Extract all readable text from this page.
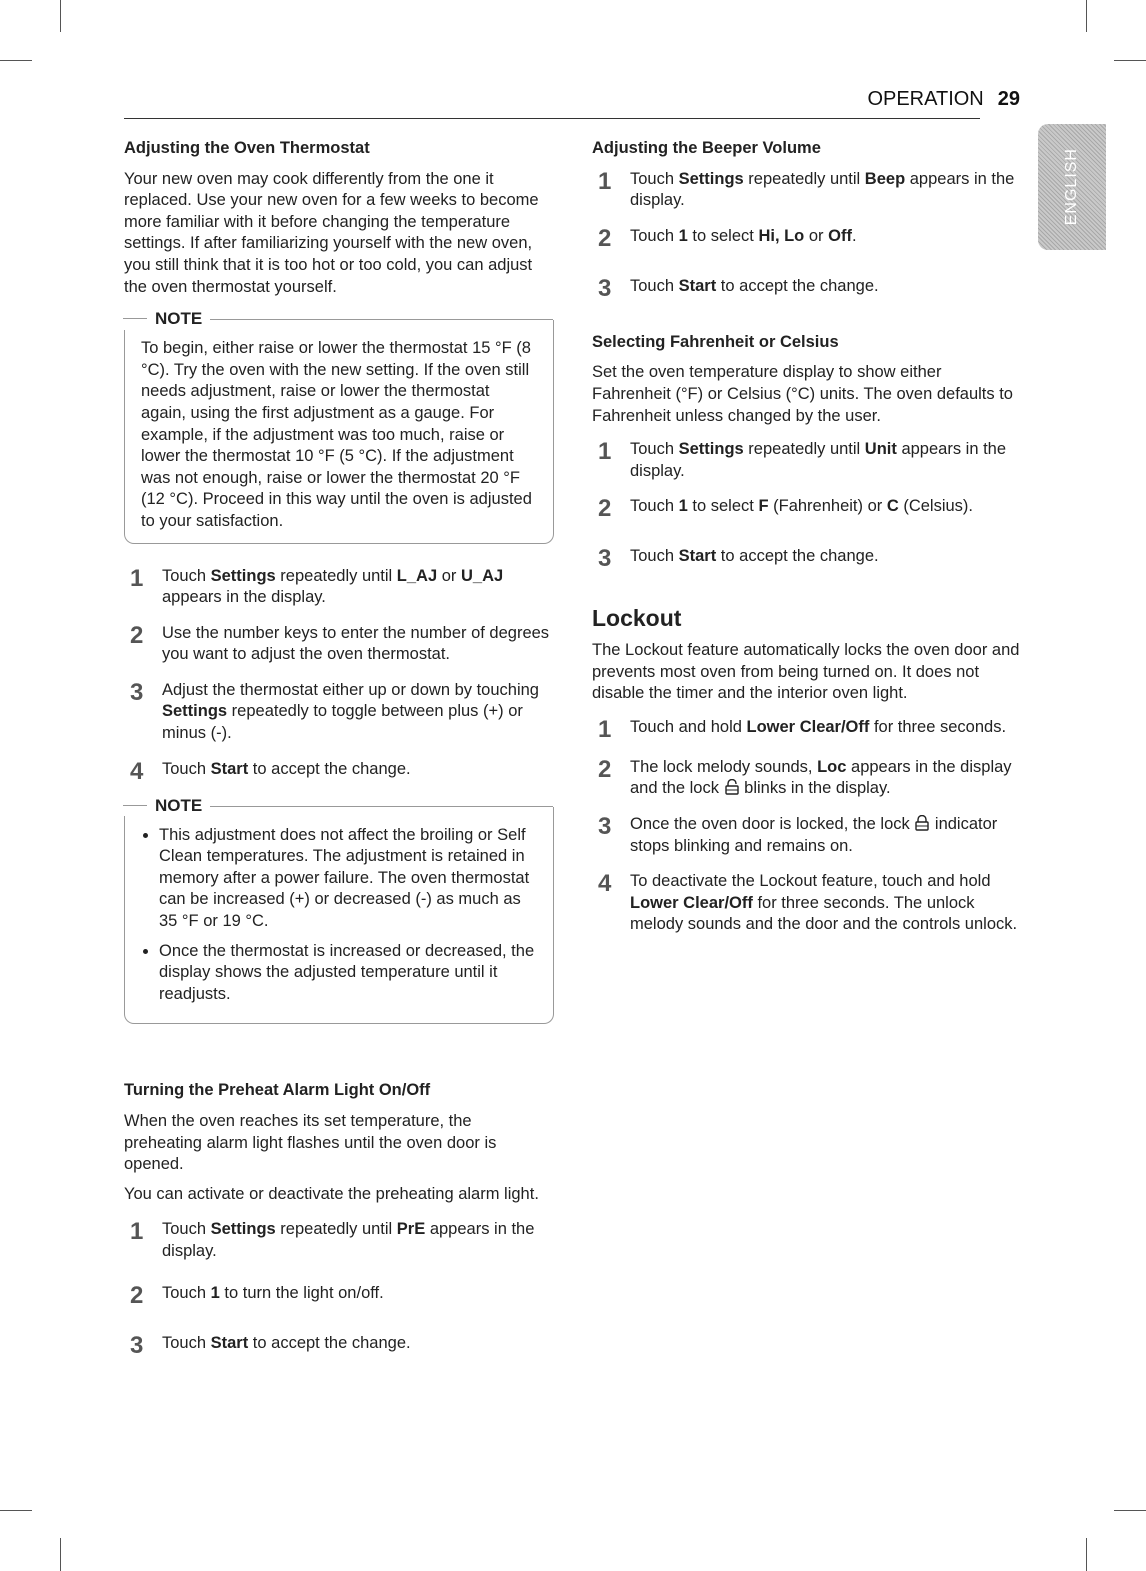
OPERATION 29
ENGLISH
Adjusting the Oven Thermostat

Your new oven may cook differently from the one it replaced. Use your new oven for a few weeks to become more familiar with it before changing the temperature settings. If after familiarizing yourself with the new oven, you still think that it is too hot or too cold, you can adjust the oven thermostat yourself.

NOTE
To begin, either raise or lower the thermostat 15 °F (8 °C). Try the oven with the new setting. If the oven still needs adjustment, raise or lower the thermostat again, using the first adjustment as a gauge. For example, if the adjustment was too much, raise or lower the thermostat 10 °F (5 °C). If the adjustment was not enough, raise or lower the thermostat 20 °F (12 °C). Proceed in this way until the oven is adjusted to your satisfaction.
1	Touch Settings repeatedly until L_AJ or U_AJ appears in the display.
2	Use the number keys to enter the number of degrees you want to adjust the oven thermostat.
3	Adjust the thermostat either up or down by touching Settings repeatedly to toggle between plus (+) or minus (-).
4	Touch Start to accept the change.
NOTE
• This adjustment does not affect the broiling or Self Clean temperatures. The adjustment is retained in memory after a power failure. The oven thermostat can be increased (+) or decreased (-) as much as 35 °F or 19 °C.
• Once the thermostat is increased or decreased, the display shows the adjusted temperature until it readjusts.
Turning the Preheat Alarm Light On/Off

When the oven reaches its set temperature, the preheating alarm light flashes until the oven door is opened.

You can activate or deactivate the preheating alarm light.

1	Touch Settings repeatedly until PrE appears in the display.
2	Touch 1 to turn the light on/off.
3	Touch Start to accept the change.
Adjusting the Beeper Volume
1	Touch Settings repeatedly until Beep appears in the display.
2	Touch 1 to select Hi, Lo or Off.
3	Touch Start to accept the change.
Selecting Fahrenheit or Celsius

Set the oven temperature display to show either Fahrenheit (°F) or Celsius (°C) units. The oven defaults to Fahrenheit unless changed by the user.

1	Touch Settings repeatedly until Unit appears in the display.
2	Touch 1 to select F (Fahrenheit) or C (Celsius).
3	Touch Start to accept the change.
Lockout

The Lockout feature automatically locks the oven door and prevents most oven from being turned on. It does not disable the timer and the interior oven light.

1	Touch and hold Lower Clear/Off for three seconds.
2	The lock melody sounds, Loc appears in the display and the lock  blinks in the display.
3	Once the oven door is locked, the lock  indicator stops blinking and remains on.
4	To deactivate the Lockout feature, touch and hold Lower Clear/Off for three seconds. The unlock melody sounds and the door and the controls unlock.
